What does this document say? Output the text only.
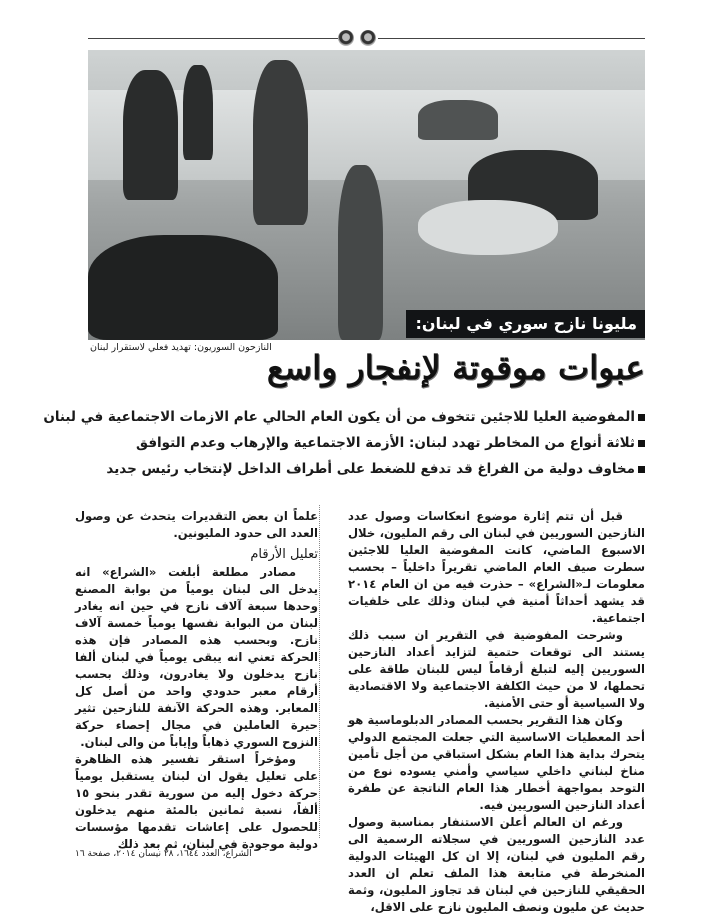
مليونا نازح سوري في لبنان:
النازحون السوريون: تهديد فعلي لاستقرار لبنان
عبوات موقوتة لإنفجار واسع
المفوضية العليا للاجئين تتخوف من أن يكون العام الحالي عام الازمات الاجتماعية في لبنان
ثلاثة أنواع من المخاطر تهدد لبنان: الأزمة الاجتماعية والإرهاب وعدم التوافق
مخاوف دولية من الفراغ قد تدفع للضغط على أطراف الداخل لإنتخاب رئيس جديد

قبل أن تتم إثارة موضوع انعكاسات وصول عدد النازحين السوريين في لبنان الى رقم المليون، خلال الاسبوع الماضي، كانت المفوضية العليا للاجئين سطرت صيف العام الماضي تقريراً داخلياً – بحسب معلومات لـ«الشراع» – حذرت فيه من ان العام ٢٠١٤ قد يشهد أحداثاً أمنية في لبنان وذلك على خلفيات اجتماعية.

وشرحت المفوضية في التقرير ان سبب ذلك يستند الى توقعات حتمية لتزايد أعداد النازحين السوريين إليه لتبلغ أرقاماً ليس للبنان طاقة على تحملها، لا من حيث الكلفة الاجتماعية ولا الاقتصادية ولا السياسية أو حتى الأمنية.

وكان هذا التقرير بحسب المصادر الدبلوماسية هو أحد المعطيات الاساسية التي جعلت المجتمع الدولي يتحرك بداية هذا العام بشكل استباقي من أجل تأمين مناخ لبناني داخلي سياسي وأمني يسوده نوع من التوحد بمواجهة أخطار هذا العام الناتجة عن طفرة أعداد النازحين السوريين فيه.

ورغم ان العالم أعلن الاستنفار بمناسبة وصول عدد النازحين السوريين في سجلاته الرسمية الى رقم المليون في لبنان، إلا ان كل الهيئات الدولية المنخرطة في متابعة هذا الملف تعلم ان العدد الحقيقي للنازحين في لبنان قد تجاوز المليون، وثمة حديث عن مليون ونصف المليون نازح على الاقل،

علماً ان بعض التقديرات يتحدث عن وصول العدد الى حدود المليونين.

تعليل الأرقام

مصادر مطلعة أبلغت «الشراع» انه يدخل الى لبنان يومياً من بوابة المصنع وحدها سبعة آلاف نازح في حين انه يغادر لبنان من البوابة نفسها يومياً خمسة آلاف نازح. وبحسب هذه المصادر فإن هذه الحركة تعني انه يبقى يومياً في لبنان ألفا نازح يدخلون ولا يغادرون، وذلك بحسب أرقام معبر حدودي واحد من أصل كل المعابر. وهذه الحركة الآنفة للنازحين تثير حيرة العاملين في مجال إحصاء حركة النزوح السوري ذهاباً وإياباً من والى لبنان.

ومؤخراً استقر تفسير هذه الظاهرة على تعليل يقول ان لبنان يستقبل يومياً حركة دخول إليه من سورية تقدر بنحو ١٥ ألفاً، نسبة ثمانين بالمئة منهم يدخلون للحصول على إعاشات تقدمها مؤسسات دولية موجودة في لبنان، ثم بعد ذلك

الشراع، العدد ١٦٤٤، ٢٨ نيسان ٢٠١٤، صفحة ١٦
